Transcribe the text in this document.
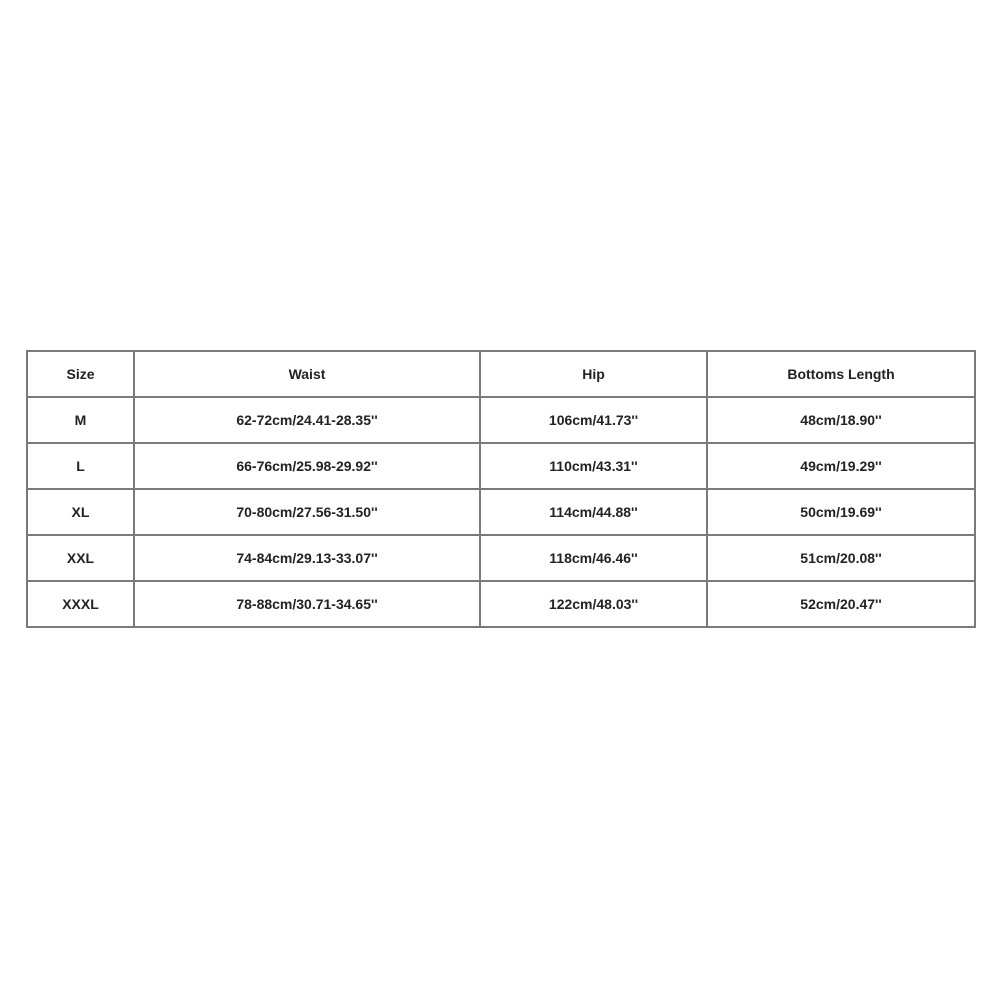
Size	Waist	Hip	Bottoms Length
M	62-72cm/24.41-28.35''	106cm/41.73''	48cm/18.90''
L	66-76cm/25.98-29.92''	110cm/43.31''	49cm/19.29''
XL	70-80cm/27.56-31.50''	114cm/44.88''	50cm/19.69''
XXL	74-84cm/29.13-33.07''	118cm/46.46''	51cm/20.08''
XXXL	78-88cm/30.71-34.65''	122cm/48.03''	52cm/20.47''
